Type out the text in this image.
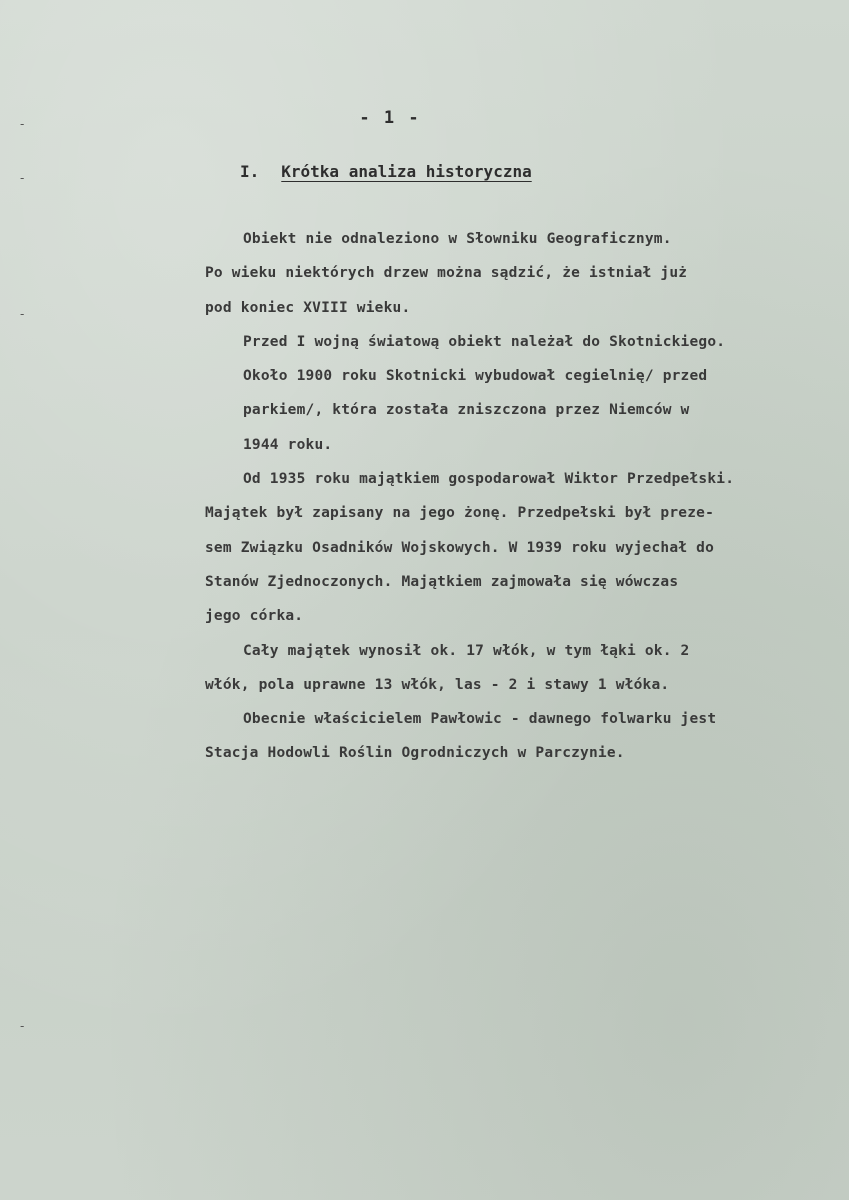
-
-
-
-
- 1 -
I. Krótka analiza historyczna
Obiekt nie odnaleziono w Słowniku Geograficznym.
Po wieku niektórych drzew można sądzić, że istniał już
pod koniec XVIII wieku.
Przed I wojną światową obiekt należał do Skotnickiego.
Około 1900 roku Skotnicki wybudował cegielnię/ przed
parkiem/, która została zniszczona przez Niemców w
1944 roku.
Od 1935 roku majątkiem gospodarował Wiktor Przedpełski.
Majątek był zapisany na jego żonę. Przedpełski był preze-
sem Związku Osadników Wojskowych. W 1939 roku wyjechał do
Stanów Zjednoczonych. Majątkiem zajmowała się wówczas
jego córka.
Cały majątek wynosił ok. 17 włók, w tym łąki ok. 2
włók, pola uprawne 13 włók, las - 2 i stawy 1 włóka.
Obecnie właścicielem Pawłowic - dawnego folwarku jest
Stacja Hodowli Roślin Ogrodniczych w Parczynie.
